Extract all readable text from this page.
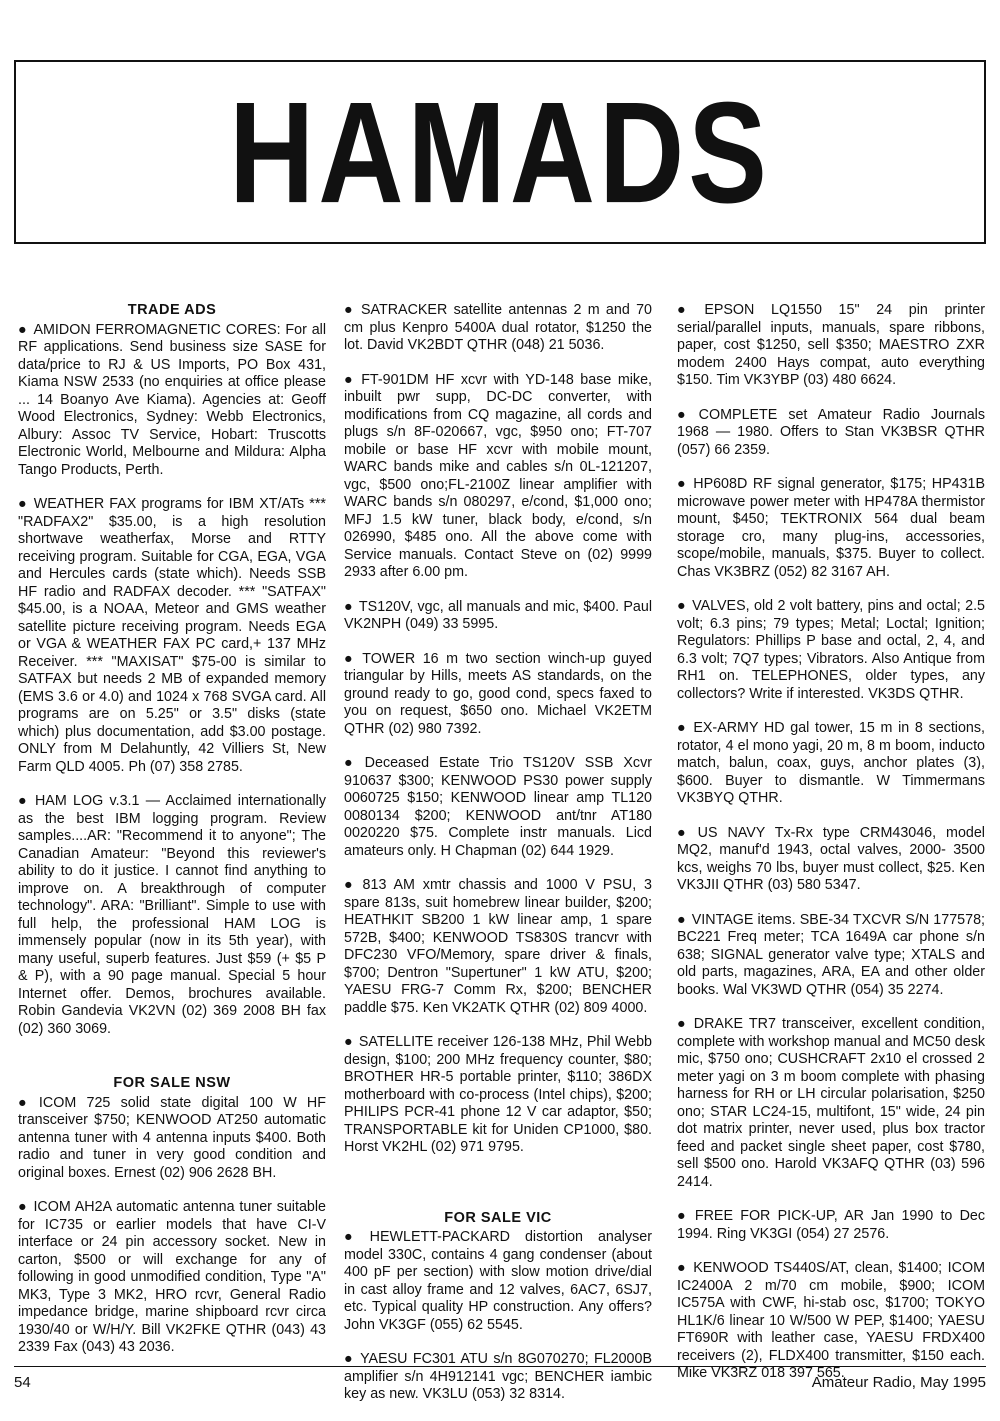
HAMADS
TRADE ADS
● AMIDON FERROMAGNETIC CORES: For all RF applications. Send business size SASE for data/price to RJ & US Imports, PO Box 431, Kiama NSW 2533 (no enquiries at office please ... 14 Boanyo Ave Kiama). Agencies at: Geoff Wood Electronics, Sydney: Webb Electronics, Albury: Assoc TV Service, Hobart: Truscotts Electronic World, Melbourne and Mildura: Alpha Tango Products, Perth.
● WEATHER FAX programs for IBM XT/ATs *** "RADFAX2" $35.00, is a high resolution shortwave weatherfax, Morse and RTTY receiving program. Suitable for CGA, EGA, VGA and Hercules cards (state which). Needs SSB HF radio and RADFAX decoder. *** "SATFAX" $45.00, is a NOAA, Meteor and GMS weather satellite picture receiving program. Needs EGA or VGA & WEATHER FAX PC card,+ 137 MHz Receiver. *** "MAXISAT" $75-00 is similar to SATFAX but needs 2 MB of expanded memory (EMS 3.6 or 4.0) and 1024 x 768 SVGA card. All programs are on 5.25" or 3.5" disks (state which) plus documentation, add $3.00 postage. ONLY from M Delahuntly, 42 Villiers St, New Farm QLD 4005. Ph (07) 358 2785.
● HAM LOG v.3.1 — Acclaimed internationally as the best IBM logging program. Review samples....AR: "Recommend it to anyone"; The Canadian Amateur: "Beyond this reviewer's ability to do it justice. I cannot find anything to improve on. A breakthrough of computer technology". ARA: "Brilliant". Simple to use with full help, the professional HAM LOG is immensely popular (now in its 5th year), with many useful, superb features. Just $59 (+ $5 P & P), with a 90 page manual. Special 5 hour Internet offer. Demos, brochures available. Robin Gandevia VK2VN (02) 369 2008 BH fax (02) 360 3069.
FOR SALE NSW
● ICOM 725 solid state digital 100 W HF transceiver $750; KENWOOD AT250 automatic antenna tuner with 4 antenna inputs $400. Both radio and tuner in very good condition and original boxes. Ernest (02) 906 2628 BH.
● ICOM AH2A automatic antenna tuner suitable for IC735 or earlier models that have CI-V interface or 24 pin accessory socket. New in carton, $500 or will exchange for any of following in good unmodified condition, Type "A" MK3, Type 3 MK2, HRO rcvr, General Radio impedance bridge, marine shipboard rcvr circa 1930/40 or W/H/Y. Bill VK2FKE QTHR (043) 43 2339 Fax (043) 43 2036.
● SATRACKER satellite antennas 2 m and 70 cm plus Kenpro 5400A dual rotator, $1250 the lot. David VK2BDT QTHR (048) 21 5036.
● FT-901DM HF xcvr with YD-148 base mike, inbuilt pwr supp, DC-DC converter, with modifications from CQ magazine, all cords and plugs s/n 8F-020667, vgc, $950 ono; FT-707 mobile or base HF xcvr with mobile mount, WARC bands mike and cables s/n 0L-121207, vgc, $500 ono;FL-2100Z linear amplifier with WARC bands s/n 080297, e/cond, $1,000 ono; MFJ 1.5 kW tuner, black body, e/cond, s/n 026990, $485 ono. All the above come with Service manuals. Contact Steve on (02) 9999 2933 after 6.00 pm.
● TS120V, vgc, all manuals and mic, $400. Paul VK2NPH (049) 33 5995.
● TOWER 16 m two section winch-up guyed triangular by Hills, meets AS standards, on the ground ready to go, good cond, specs faxed to you on request, $650 ono. Michael VK2ETM QTHR (02) 980 7392.
● Deceased Estate Trio TS120V SSB Xcvr 910637 $300; KENWOOD PS30 power supply 0060725 $150; KENWOOD linear amp TL120 0080134 $200; KENWOOD ant/tnr AT180 0020220 $75. Complete instr manuals. Licd amateurs only. H Chapman (02) 644 1929.
● 813 AM xmtr chassis and 1000 V PSU, 3 spare 813s, suit homebrew linear builder, $200; HEATHKIT SB200 1 kW linear amp, 1 spare 572B, $400; KENWOOD TS830S trancvr with DFC230 VFO/Memory, spare driver & finals, $700; Dentron "Supertuner" 1 kW ATU, $200; YAESU FRG-7 Comm Rx, $200; BENCHER paddle $75. Ken VK2ATK QTHR (02) 809 4000.
● SATELLITE receiver 126-138 MHz, Phil Webb design, $100; 200 MHz frequency counter, $80; BROTHER HR-5 portable printer, $110; 386DX motherboard with co-process (Intel chips), $200; PHILIPS PCR-41 phone 12 V car adaptor, $50; TRANSPORTABLE kit for Uniden CP1000, $80. Horst VK2HL (02) 971 9795.
FOR SALE VIC
● HEWLETT-PACKARD distortion analyser model 330C, contains 4 gang condenser (about 400 pF per section) with slow motion drive/dial in cast alloy frame and 12 valves, 6AC7, 6SJ7, etc. Typical quality HP construction. Any offers? John VK3GF (055) 62 5545.
● YAESU FC301 ATU s/n 8G070270; FL2000B amplifier s/n 4H912141 vgc; BENCHER iambic key as new. VK3LU (053) 32 8314.
● EPSON LQ1550 15" 24 pin printer serial/parallel inputs, manuals, spare ribbons, paper, cost $1250, sell $350; MAESTRO ZXR modem 2400 Hays compat, auto everything $150. Tim VK3YBP (03) 480 6624.
● COMPLETE set Amateur Radio Journals 1968 — 1980. Offers to Stan VK3BSR QTHR (057) 66 2359.
● HP608D RF signal generator, $175; HP431B microwave power meter with HP478A thermistor mount, $450; TEKTRONIX 564 dual beam storage cro, many plug-ins, accessories, scope/mobile, manuals, $375. Buyer to collect. Chas VK3BRZ (052) 82 3167 AH.
● VALVES, old 2 volt battery, pins and octal; 2.5 volt; 6.3 pins; 79 types; Metal; Loctal; Ignition; Regulators: Phillips P base and octal, 2, 4, and 6.3 volt; 7Q7 types; Vibrators. Also Antique from RH1 on. TELEPHONES, older types, any collectors? Write if interested. VK3DS QTHR.
● EX-ARMY HD gal tower, 15 m in 8 sections, rotator, 4 el mono yagi, 20 m, 8 m boom, inducto match, balun, coax, guys, anchor plates (3), $600. Buyer to dismantle. W Timmermans VK3BYQ QTHR.
● US NAVY Tx-Rx type CRM43046, model MQ2, manuf'd 1943, octal valves, 2000- 3500 kcs, weighs 70 lbs, buyer must collect, $25. Ken VK3JII QTHR (03) 580 5347.
● VINTAGE items. SBE-34 TXCVR S/N 177578; BC221 Freq meter; TCA 1649A car phone s/n 638; SIGNAL generator valve type; XTALS and old parts, magazines, ARA, EA and other older books. Wal VK3WD QTHR (054) 35 2274.
● DRAKE TR7 transceiver, excellent condition, complete with workshop manual and MC50 desk mic, $750 ono; CUSHCRAFT 2x10 el crossed 2 meter yagi on 3 m boom complete with phasing harness for RH or LH circular polarisation, $250 ono; STAR LC24-15, multifont, 15" wide, 24 pin dot matrix printer, never used, plus box tractor feed and packet single sheet paper, cost $780, sell $500 ono. Harold VK3AFQ QTHR (03) 596 2414.
● FREE FOR PICK-UP, AR Jan 1990 to Dec 1994. Ring VK3GI (054) 27 2576.
● KENWOOD TS440S/AT, clean, $1400; ICOM IC2400A 2 m/70 cm mobile, $900; ICOM IC575A with CWF, hi-stab osc, $1700; TOKYO HL1K/6 linear 10 W/500 W PEP, $1400; YAESU FT690R with leather case, YAESU FRDX400 receivers (2), FLDX400 transmitter, $150 each. Mike VK3RZ 018 397 565.
54	Amateur Radio, May 1995
